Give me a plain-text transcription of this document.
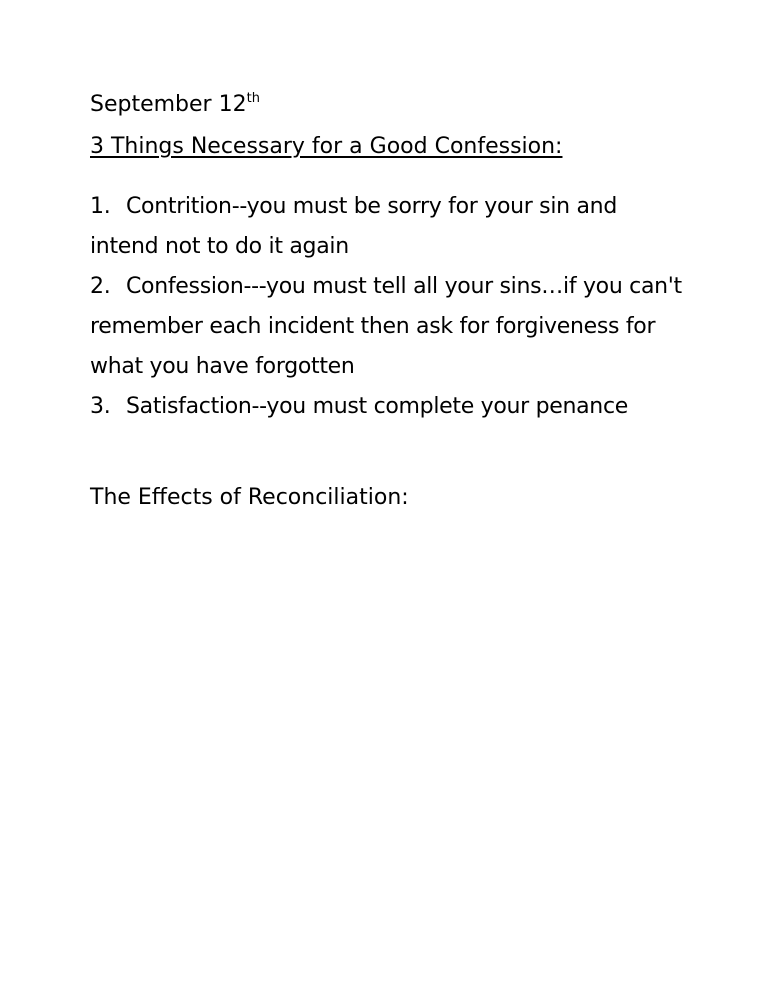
September 12th
3 Things Necessary for a Good Confession:

1. Contrition--you must be sorry for your sin and intend not to do it again

2. Confession---you must tell all your sins…if you can't remember each incident then ask for forgiveness for what you have forgotten

3. Satisfaction--you must complete your penance

The Effects of Reconciliation:
